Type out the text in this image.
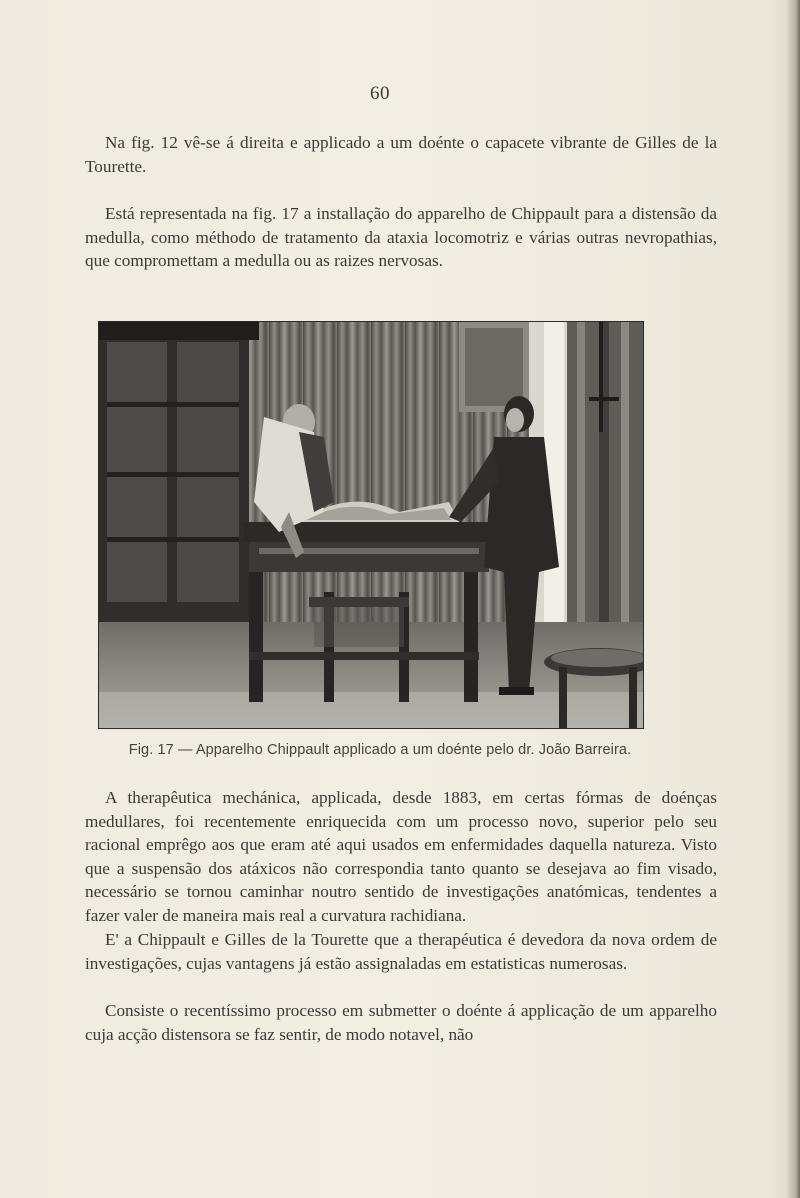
60

Na fig. 12 vê-se á direita e applicado a um doénte o capacete vibrante de Gilles de la Tourette.

Está representada na fig. 17 a installação do apparelho de Chippault para a distensão da medulla, como méthodo de tratamento da ataxia locomotriz e várias outras nevropathias, que compromettam a medulla ou as raizes nervosas.

Fig. 17 — Apparelho Chippault applicado a um doénte pelo dr. João Barreira.

A therapêutica mechánica, applicada, desde 1883, em certas fórmas de doénças medullares, foi recentemente enriquecida com um processo novo, superior pelo seu racional emprêgo aos que eram até aqui usados em enfermidades daquella natureza. Visto que a suspensão dos atáxicos não correspondia tanto quanto se desejava ao fim visado, necessário se tornou caminhar noutro sentido de investigações anatómicas, tendentes a fazer valer de maneira mais real a curvatura rachidiana.

E' a Chippault e Gilles de la Tourette que a therapéutica é devedora da nova ordem de investigações, cujas vantagens já estão assignaladas em estatisticas numerosas.

Consiste o recentíssimo processo em submetter o doénte á applicação de um apparelho cuja acção distensora se faz sentir, de modo notavel, não
